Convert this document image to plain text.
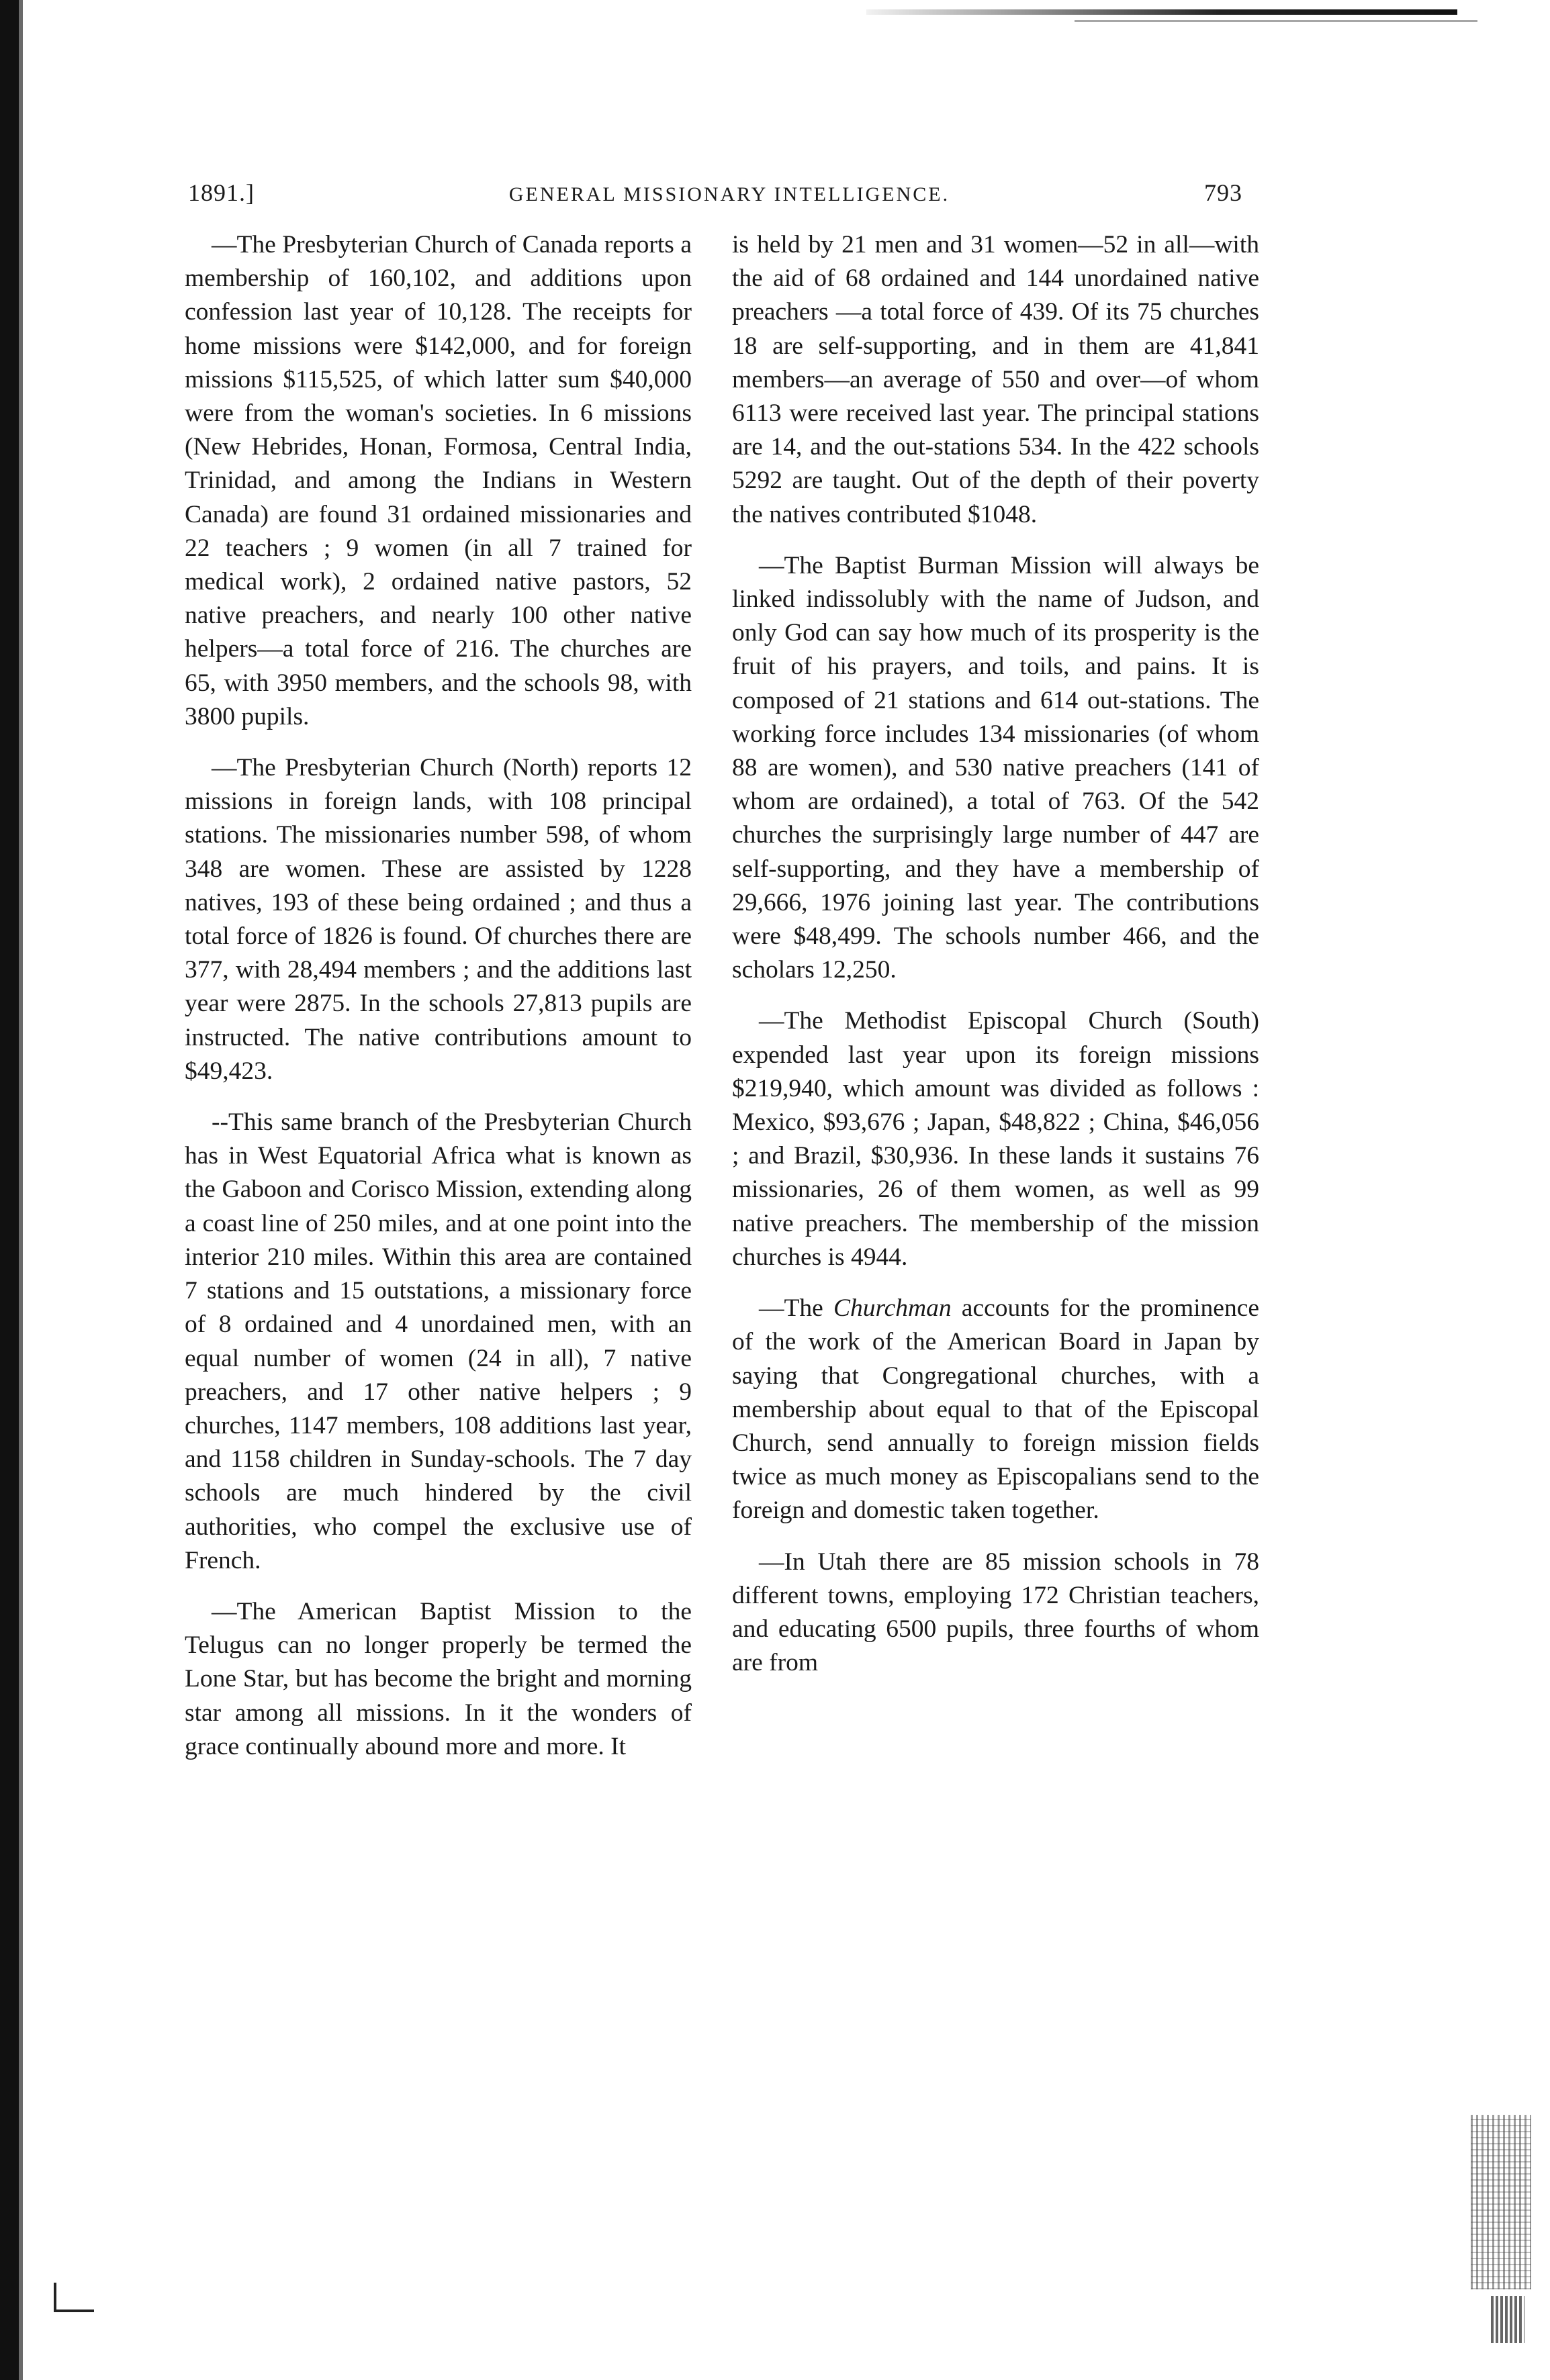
1891.]	GENERAL MISSIONARY INTELLIGENCE.	793

—The Presbyterian Church of Canada reports a membership of 160,102, and additions upon confession last year of 10,128. The receipts for home missions were $142,000, and for foreign missions $115,525, of which latter sum $40,000 were from the woman's societies. In 6 missions (New Hebrides, Honan, Formosa, Central India, Trinidad, and among the Indians in Western Canada) are found 31 ordained missionaries and 22 teachers ; 9 women (in all 7 trained for medical work), 2 ordained native pastors, 52 native preachers, and nearly 100 other native helpers—a total force of 216. The churches are 65, with 3950 members, and the schools 98, with 3800 pupils.

—The Presbyterian Church (North) reports 12 missions in foreign lands, with 108 principal stations. The missionaries number 598, of whom 348 are women. These are assisted by 1228 natives, 193 of these being ordained ; and thus a total force of 1826 is found. Of churches there are 377, with 28,494 members ; and the additions last year were 2875. In the schools 27,813 pupils are instructed. The native contributions amount to $49,423.

--This same branch of the Presbyterian Church has in West Equatorial Africa what is known as the Gaboon and Corisco Mission, extending along a coast line of 250 miles, and at one point into the interior 210 miles. Within this area are contained 7 stations and 15 outstations, a missionary force of 8 ordained and 4 unordained men, with an equal number of women (24 in all), 7 native preachers, and 17 other native helpers ; 9 churches, 1147 members, 108 additions last year, and 1158 children in Sunday-schools. The 7 day schools are much hindered by the civil authorities, who compel the exclusive use of French.

—The American Baptist Mission to the Telugus can no longer properly be termed the Lone Star, but has become the bright and morning star among all missions. In it the wonders of grace continually abound more and more. It

is held by 21 men and 31 women—52 in all—with the aid of 68 ordained and 144 unordained native preachers —a total force of 439. Of its 75 churches 18 are self-supporting, and in them are 41,841 members—an average of 550 and over—of whom 6113 were received last year. The principal stations are 14, and the out-stations 534. In the 422 schools 5292 are taught. Out of the depth of their poverty the natives contributed $1048.

—The Baptist Burman Mission will always be linked indissolubly with the name of Judson, and only God can say how much of its prosperity is the fruit of his prayers, and toils, and pains. It is composed of 21 stations and 614 out-stations. The working force includes 134 missionaries (of whom 88 are women), and 530 native preachers (141 of whom are ordained), a total of 763. Of the 542 churches the surprisingly large number of 447 are self-supporting, and they have a membership of 29,666, 1976 joining last year. The contributions were $48,499. The schools number 466, and the scholars 12,250.

—The Methodist Episcopal Church (South) expended last year upon its foreign missions $219,940, which amount was divided as follows : Mexico, $93,676 ; Japan, $48,822 ; China, $46,056 ; and Brazil, $30,936. In these lands it sustains 76 missionaries, 26 of them women, as well as 99 native preachers. The membership of the mission churches is 4944.

—The Churchman accounts for the prominence of the work of the American Board in Japan by saying that Congregational churches, with a membership about equal to that of the Episcopal Church, send annually to foreign mission fields twice as much money as Episcopalians send to the foreign and domestic taken together.

—In Utah there are 85 mission schools in 78 different towns, employing 172 Christian teachers, and educating 6500 pupils, three fourths of whom are from
